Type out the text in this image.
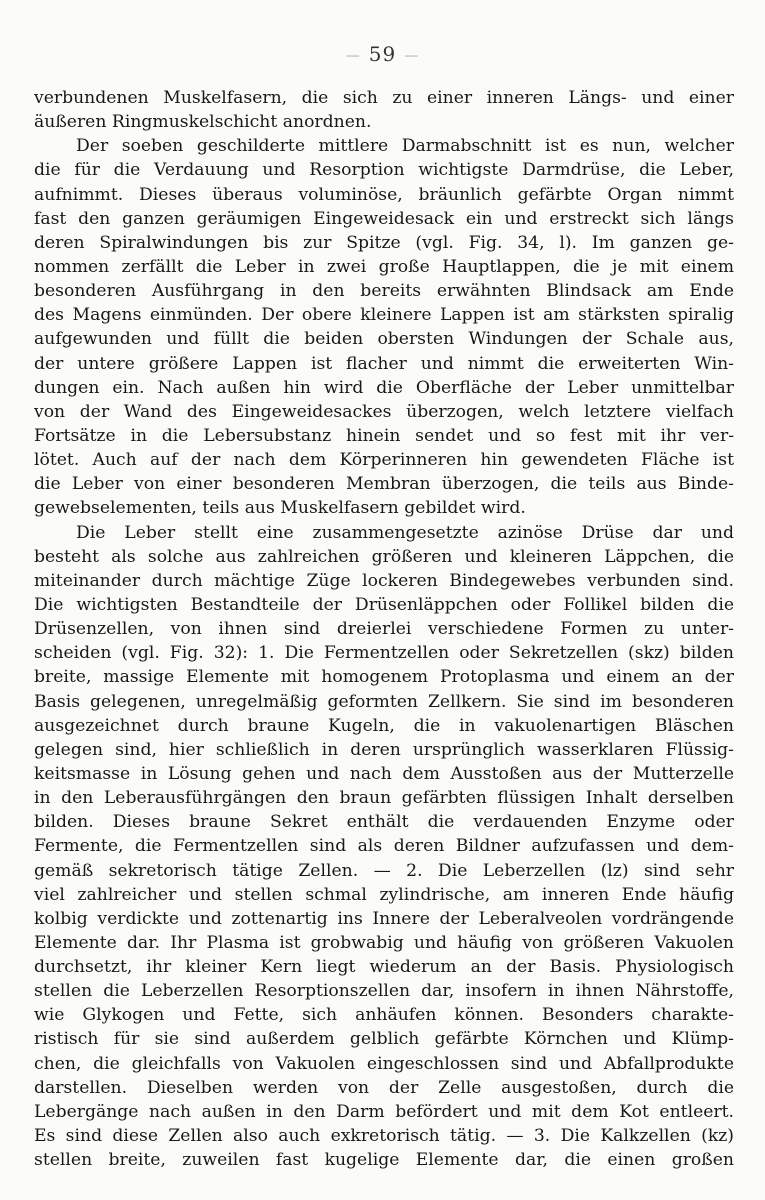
— 59 —
verbundenen Muskelfasern, die sich zu einer inneren Längs- und einer
äußeren Ringmuskelschicht anordnen.
Der soeben geschilderte mittlere Darmabschnitt ist es nun, welcher
die für die Verdauung und Resorption wichtigste Darmdrüse, die Leber,
aufnimmt. Dieses überaus voluminöse, bräunlich gefärbte Organ nimmt
fast den ganzen geräumigen Eingeweidesack ein und erstreckt sich längs
deren Spiralwindungen bis zur Spitze (vgl. Fig. 34, l). Im ganzen ge-
nommen zerfällt die Leber in zwei große Hauptlappen, die je mit einem
besonderen Ausführgang in den bereits erwähnten Blindsack am Ende
des Magens einmünden. Der obere kleinere Lappen ist am stärksten spiralig
aufgewunden und füllt die beiden obersten Windungen der Schale aus,
der untere größere Lappen ist flacher und nimmt die erweiterten Win-
dungen ein. Nach außen hin wird die Oberfläche der Leber unmittelbar
von der Wand des Eingeweidesackes überzogen, welch letztere vielfach
Fortsätze in die Lebersubstanz hinein sendet und so fest mit ihr ver-
lötet. Auch auf der nach dem Körperinneren hin gewendeten Fläche ist
die Leber von einer besonderen Membran überzogen, die teils aus Binde-
gewebselementen, teils aus Muskelfasern gebildet wird.
Die Leber stellt eine zusammengesetzte azinöse Drüse dar und
besteht als solche aus zahlreichen größeren und kleineren Läppchen, die
miteinander durch mächtige Züge lockeren Bindegewebes verbunden sind.
Die wichtigsten Bestandteile der Drüsenläppchen oder Follikel bilden die
Drüsenzellen, von ihnen sind dreierlei verschiedene Formen zu unter-
scheiden (vgl. Fig. 32): 1. Die Fermentzellen oder Sekretzellen (skz) bilden
breite, massige Elemente mit homogenem Protoplasma und einem an der
Basis gelegenen, unregelmäßig geformten Zellkern. Sie sind im besonderen
ausgezeichnet durch braune Kugeln, die in vakuolenartigen Bläschen
gelegen sind, hier schließlich in deren ursprünglich wasserklaren Flüssig-
keitsmasse in Lösung gehen und nach dem Ausstoßen aus der Mutterzelle
in den Leberausführgängen den braun gefärbten flüssigen Inhalt derselben
bilden. Dieses braune Sekret enthält die verdauenden Enzyme oder
Fermente, die Fermentzellen sind als deren Bildner aufzufassen und dem-
gemäß sekretorisch tätige Zellen. — 2. Die Leberzellen (lz) sind sehr
viel zahlreicher und stellen schmal zylindrische, am inneren Ende häufig
kolbig verdickte und zottenartig ins Innere der Leberalveolen vordrängende
Elemente dar. Ihr Plasma ist grobwabig und häufig von größeren Vakuolen
durchsetzt, ihr kleiner Kern liegt wiederum an der Basis. Physiologisch
stellen die Leberzellen Resorptionszellen dar, insofern in ihnen Nährstoffe,
wie Glykogen und Fette, sich anhäufen können. Besonders charakte-
ristisch für sie sind außerdem gelblich gefärbte Körnchen und Klümp-
chen, die gleichfalls von Vakuolen eingeschlossen sind und Abfallprodukte
darstellen. Dieselben werden von der Zelle ausgestoßen, durch die
Lebergänge nach außen in den Darm befördert und mit dem Kot entleert.
Es sind diese Zellen also auch exkretorisch tätig. — 3. Die Kalkzellen (kz)
stellen breite, zuweilen fast kugelige Elemente dar, die einen großen
